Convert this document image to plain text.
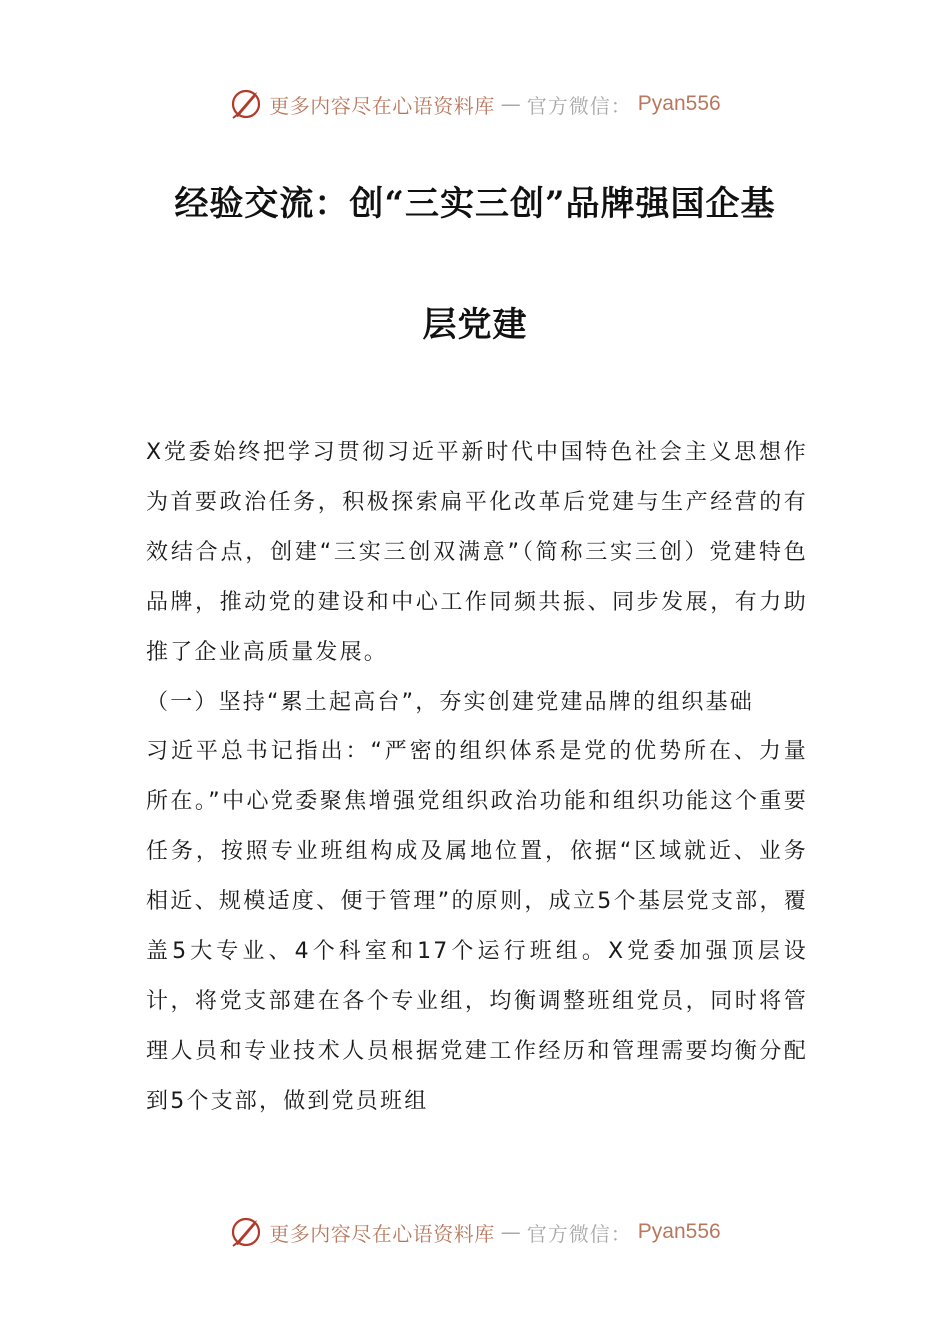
更多内容尽在心语资料库 — 官方微信： Pyan556
经验交流：创“三实三创”品牌强国企基
层党建

X党委始终把学习贯彻习近平新时代中国特色社会主义思想作为首要政治任务，积极探索扁平化改革后党建与生产经营的有效结合点，创建“三实三创双满意”（简称三实三创）党建特色品牌，推动党的建设和中心工作同频共振、同步发展，有力助推了企业高质量发展。

（一）坚持“累土起高台”，夯实创建党建品牌的组织基础

习近平总书记指出：“严密的组织体系是党的优势所在、力量所在。”中心党委聚焦增强党组织政治功能和组织功能这个重要任务，按照专业班组构成及属地位置，依据“区域就近、业务相近、规模适度、便于管理”的原则，成立5个基层党支部，覆盖5大专业、4个科室和17个运行班组。X党委加强顶层设计，将党支部建在各个专业组，均衡调整班组党员，同时将管理人员和专业技术人员根据党建工作经历和管理需要均衡分配到5个支部，做到党员班组

更多内容尽在心语资料库 — 官方微信： Pyan556
